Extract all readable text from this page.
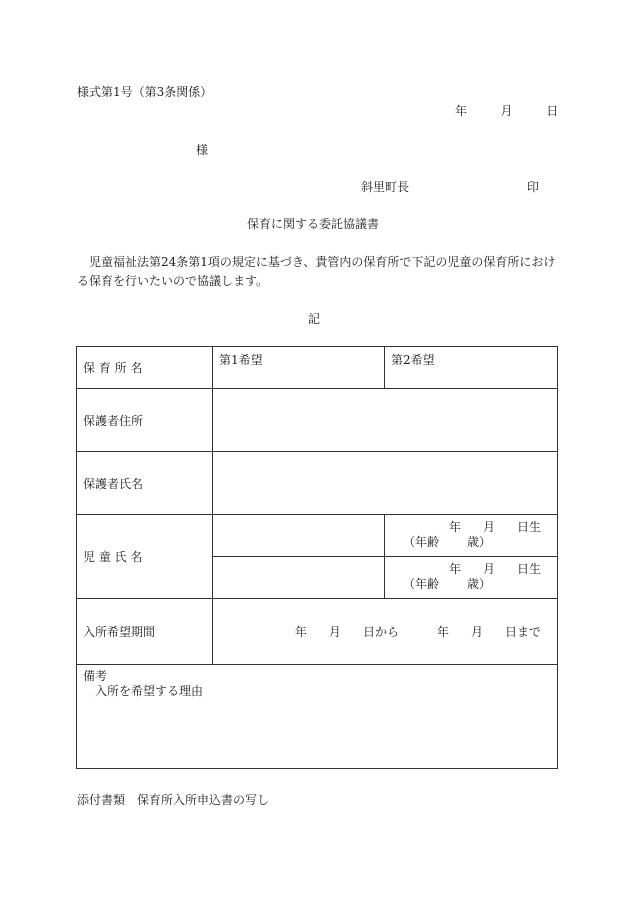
様式第1号（第3条関係）
年	月	日
様
斜里町長	印
保育に関する委託協議書
児童福祉法第24条第1項の規定に基づき、貴管内の保育所で下記の児童の保育所における保育を行いたいので協議します。
記
保 育 所 名	第1希望	第2希望
保護者住所		
保護者氏名		
児 童 氏 名		年 月 日生
（年齢 歳）

		年 月 日生
（年齢 歳）

入所希望期間	年 月 日から 年 月 日まで	

備考
入所を希望する理由		
添付書類　保育所入所申込書の写し
